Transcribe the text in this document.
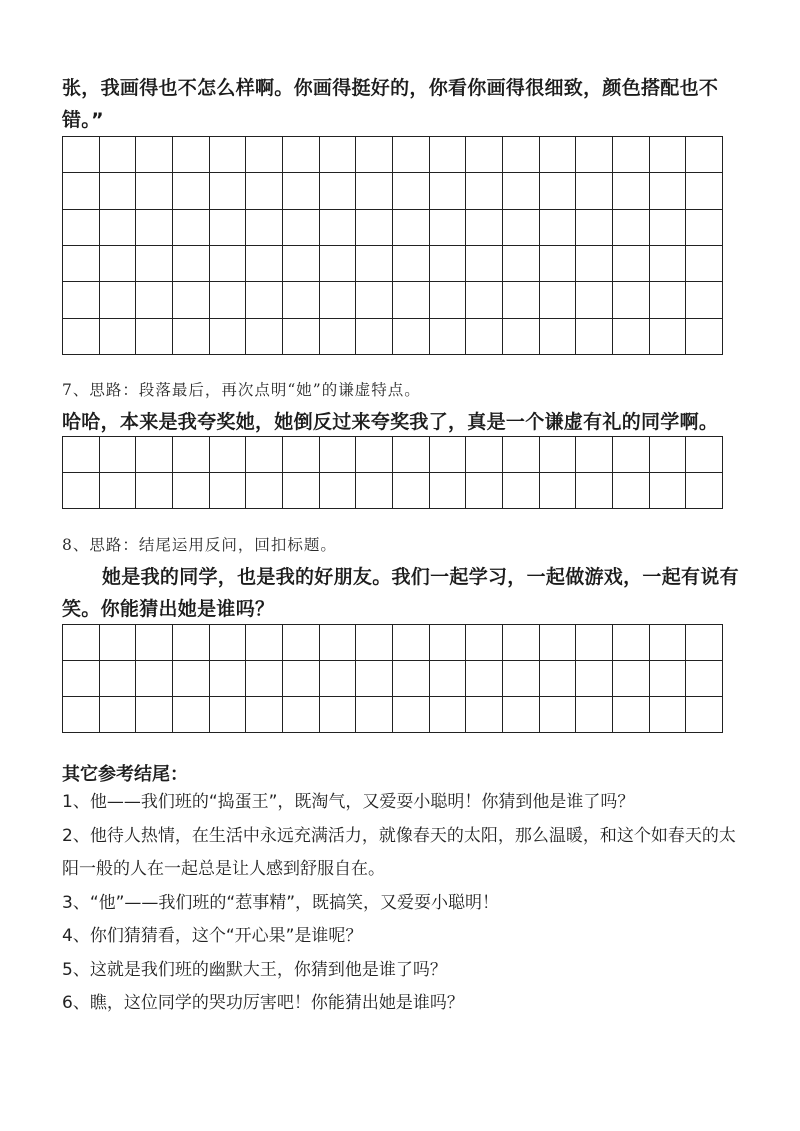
张，我画得也不怎么样啊。你画得挺好的，你看你画得很细致，颜色搭配也不错。”
7、思路：段落最后，再次点明“她”的谦虚特点。
哈哈，本来是我夸奖她，她倒反过来夸奖我了，真是一个谦虚有礼的同学啊。
8、思路：结尾运用反问，回扣标题。
她是我的同学，也是我的好朋友。我们一起学习，一起做游戏，一起有说有笑。你能猜出她是谁吗？
其它参考结尾：

1、他——我们班的“捣蛋王”，既淘气，又爱耍小聪明！你猜到他是谁了吗？

2、他待人热情，在生活中永远充满活力，就像春天的太阳，那么温暖，和这个如春天的太阳一般的人在一起总是让人感到舒服自在。

3、“他”——我们班的“惹事精”，既搞笑，又爱耍小聪明！

4、你们猜猜看，这个“开心果”是谁呢？

5、这就是我们班的幽默大王，你猜到他是谁了吗？

6、瞧，这位同学的哭功厉害吧！你能猜出她是谁吗？
